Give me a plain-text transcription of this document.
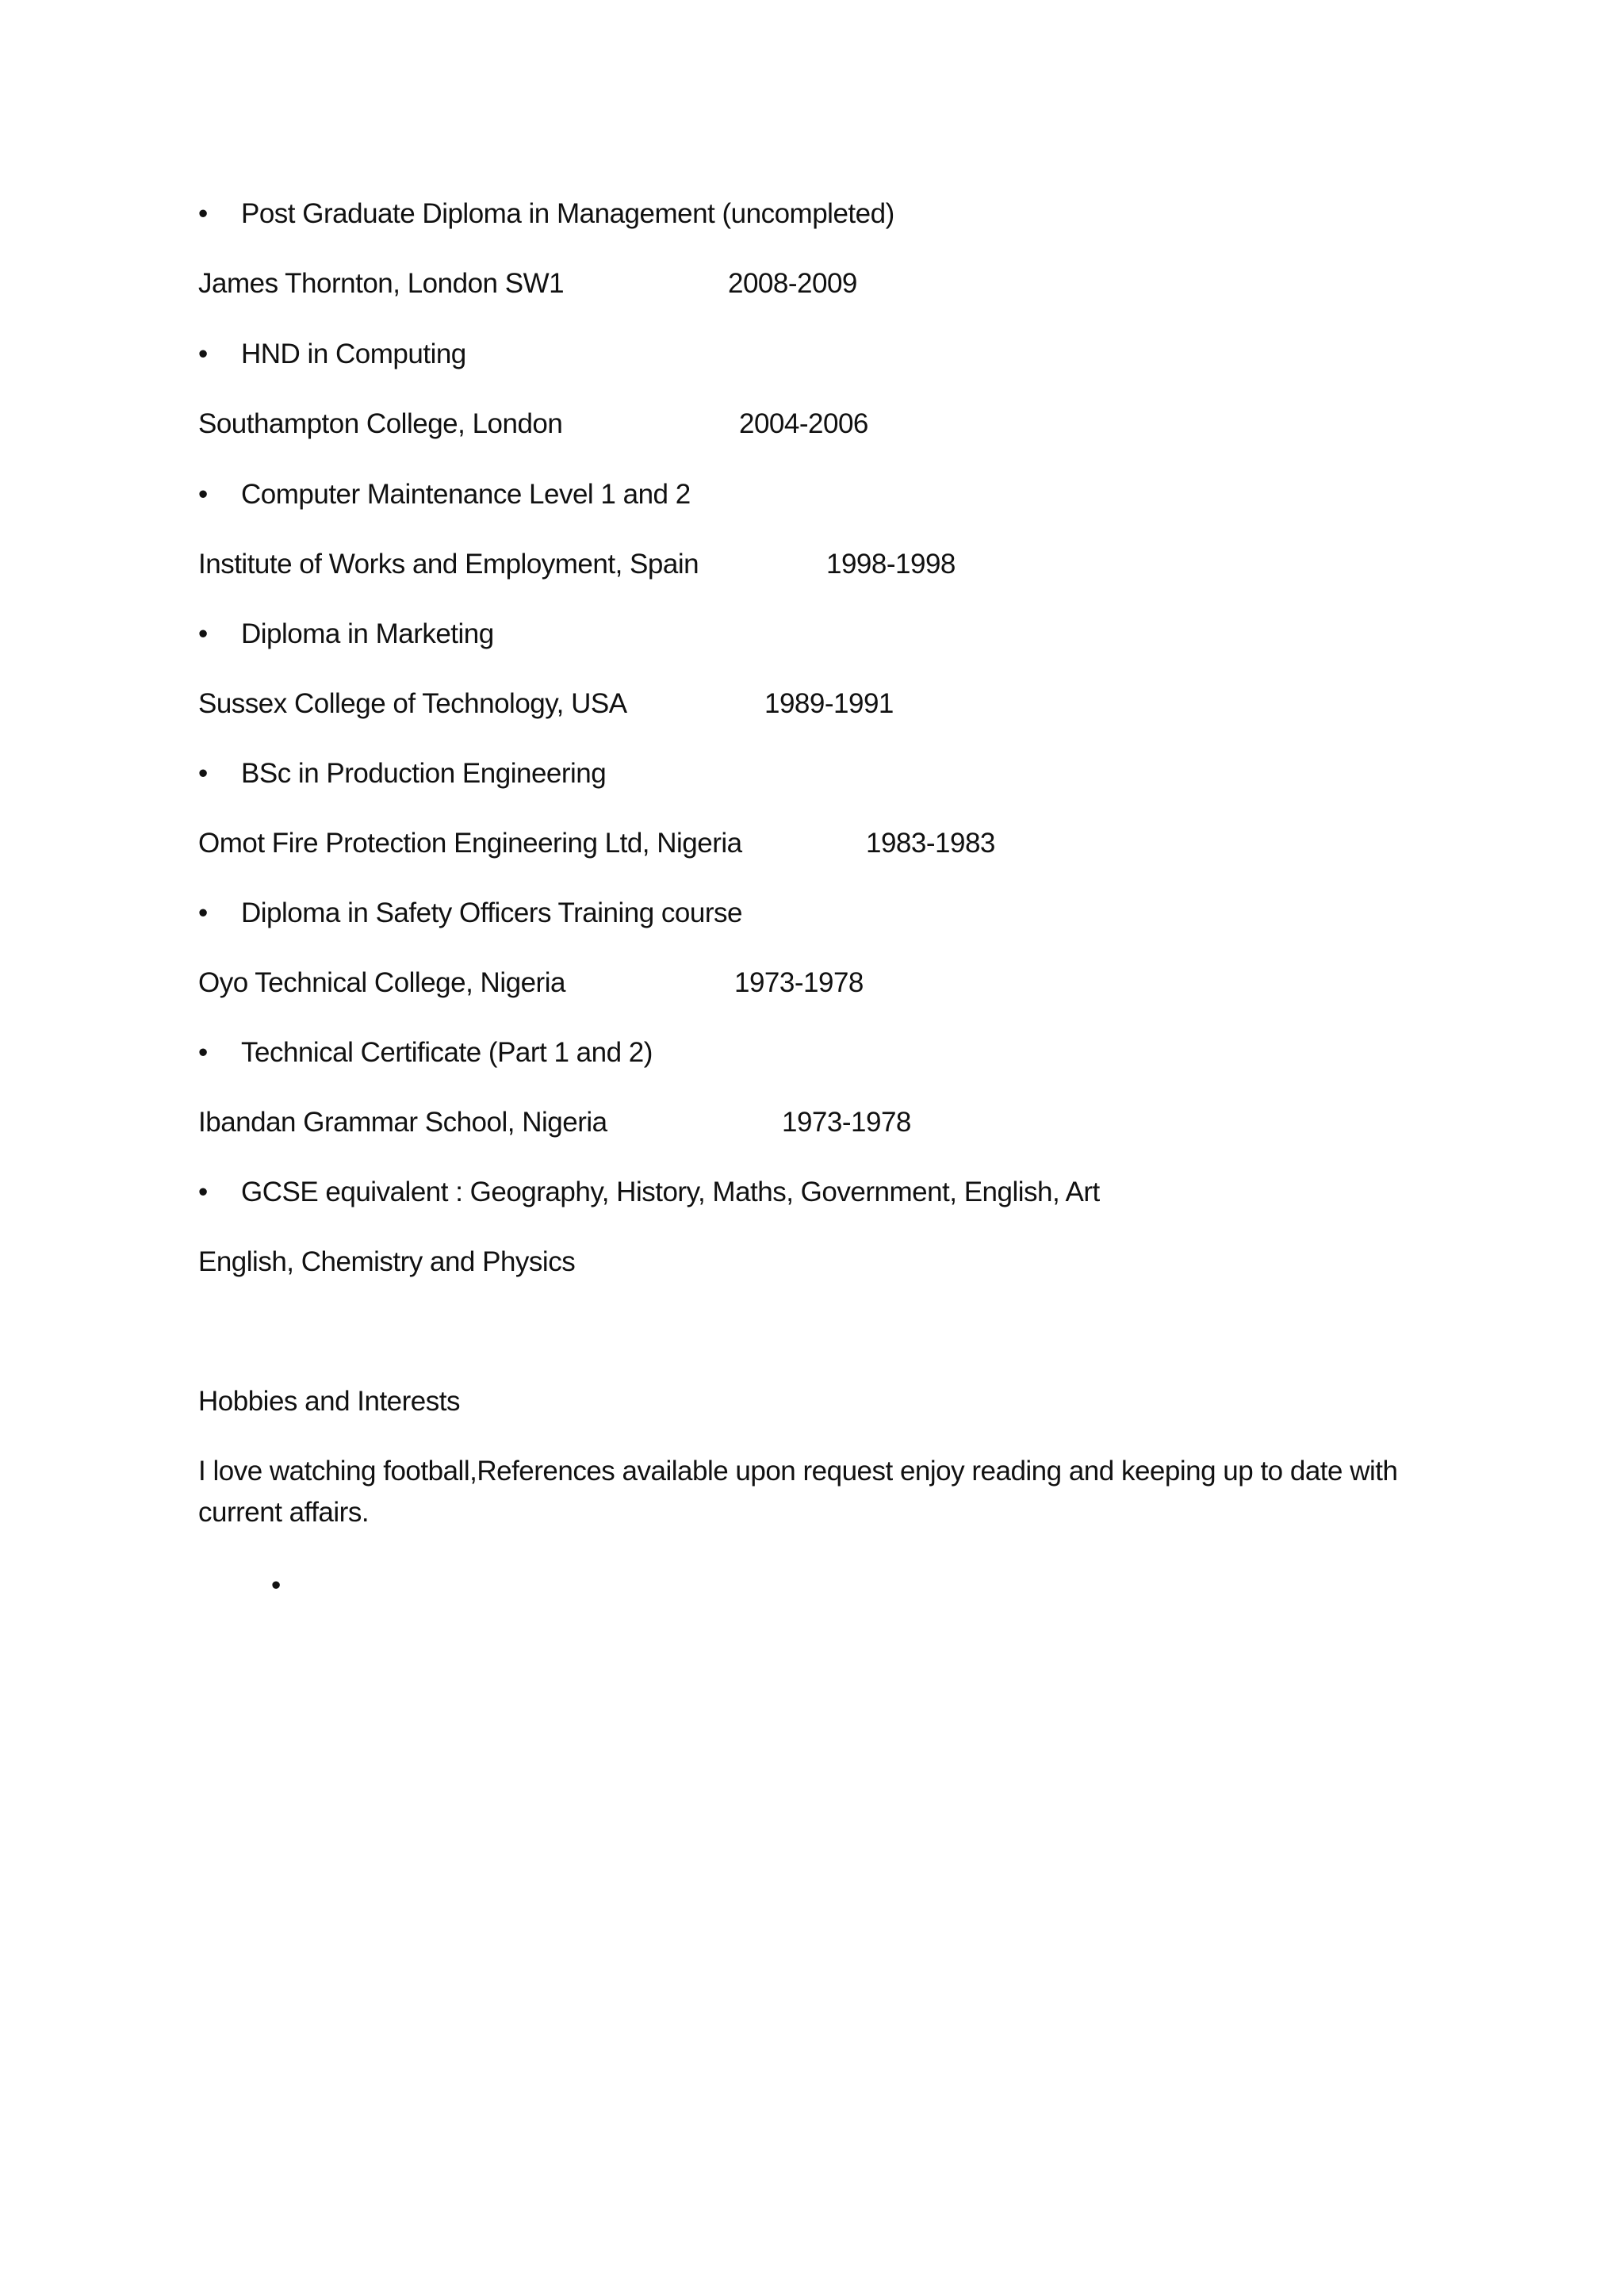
•	Post Graduate Diploma in Management (uncompleted)
James Thornton, London SW1	2008-2009
•	HND in Computing
Southampton College, London	2004-2006
•	Computer Maintenance Level 1 and 2
Institute of Works and Employment, Spain	1998-1998
•	Diploma in Marketing
Sussex College of Technology, USA	1989-1991
•	BSc in Production Engineering
Omot Fire Protection Engineering Ltd, Nigeria	1983-1983
•	Diploma in Safety Officers Training course
Oyo Technical College, Nigeria	1973-1978
•	Technical Certificate (Part 1 and 2)
Ibandan Grammar School, Nigeria	1973-1978
•	GCSE equivalent : Geography, History, Maths, Government, English, Art
English, Chemistry and Physics
Hobbies and Interests
I love watching football,References available upon request enjoy reading and keeping up to date with current affairs.
•
